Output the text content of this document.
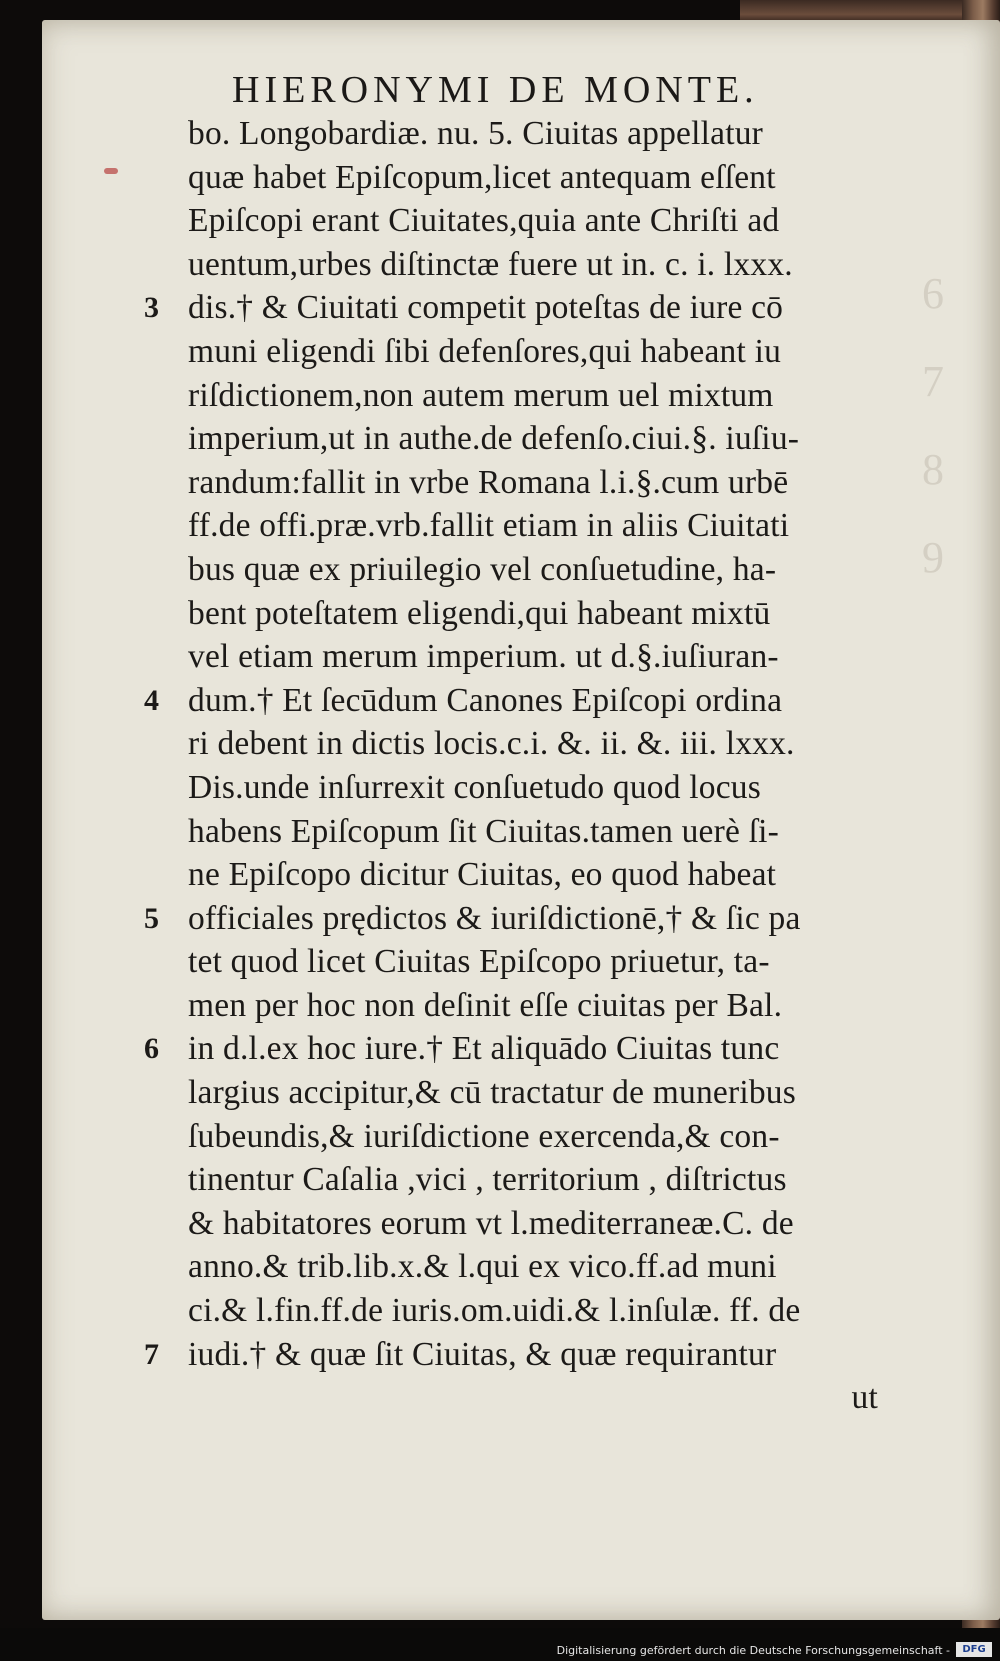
6
7
8
9
HIERONYMI DE MONTE.
bo. Longobardiæ. nu. 5. Ciuitas appellatur
quæ habet Epiſcopum,licet antequam eſſent
Epiſcopi erant Ciuitates,quia ante Chriſti ad
uentum,urbes diſtinctæ fuere ut in. c. i. lxxx.
3 dis.† & Ciuitati competit poteſtas de iure cō
muni eligendi ſibi defenſores,qui habeant iu
riſdictionem,non autem merum uel mixtum
imperium,ut in authe.de defenſo.ciui.§. iuſiu-
randum:fallit in vrbe Romana l.i.§.cum urbē
ff.de offi.præ.vrb.fallit etiam in aliis Ciuitati
bus quæ ex priuilegio vel conſuetudine, ha-
bent poteſtatem eligendi,qui habeant mixtū
vel etiam merum imperium. ut d.§.iuſiuran-
4 dum.† Et ſecūdum Canones Epiſcopi ordina
ri debent in dictis locis.c.i. &. ii. &. iii. lxxx.
Dis.unde inſurrexit conſuetudo quod locus
habens Epiſcopum ſit Ciuitas.tamen uerè ſi-
ne Epiſcopo dicitur Ciuitas, eo quod habeat
5 officiales prędictos & iuriſdictionē,† & ſic pa
tet quod licet Ciuitas Epiſcopo priuetur, ta-
men per hoc non deſinit eſſe ciuitas per Bal.
6 in d.l.ex hoc iure.† Et aliquādo Ciuitas tunc
largius accipitur,& cū tractatur de muneribus
ſubeundis,& iuriſdictione exercenda,& con-
tinentur Caſalia ,vici , territorium , diſtrictus
& habitatores eorum vt l.mediterraneæ.C. de
anno.& trib.lib.x.& l.qui ex vico.ff.ad muni
ci.& l.fin.ff.de iuris.om.uidi.& l.inſulæ. ff. de
7 iudi.† & quæ ſit Ciuitas, & quæ requirantur
ut
Digitalisierung gefördert durch die Deutsche Forschungsgemeinschaft -	DFG
